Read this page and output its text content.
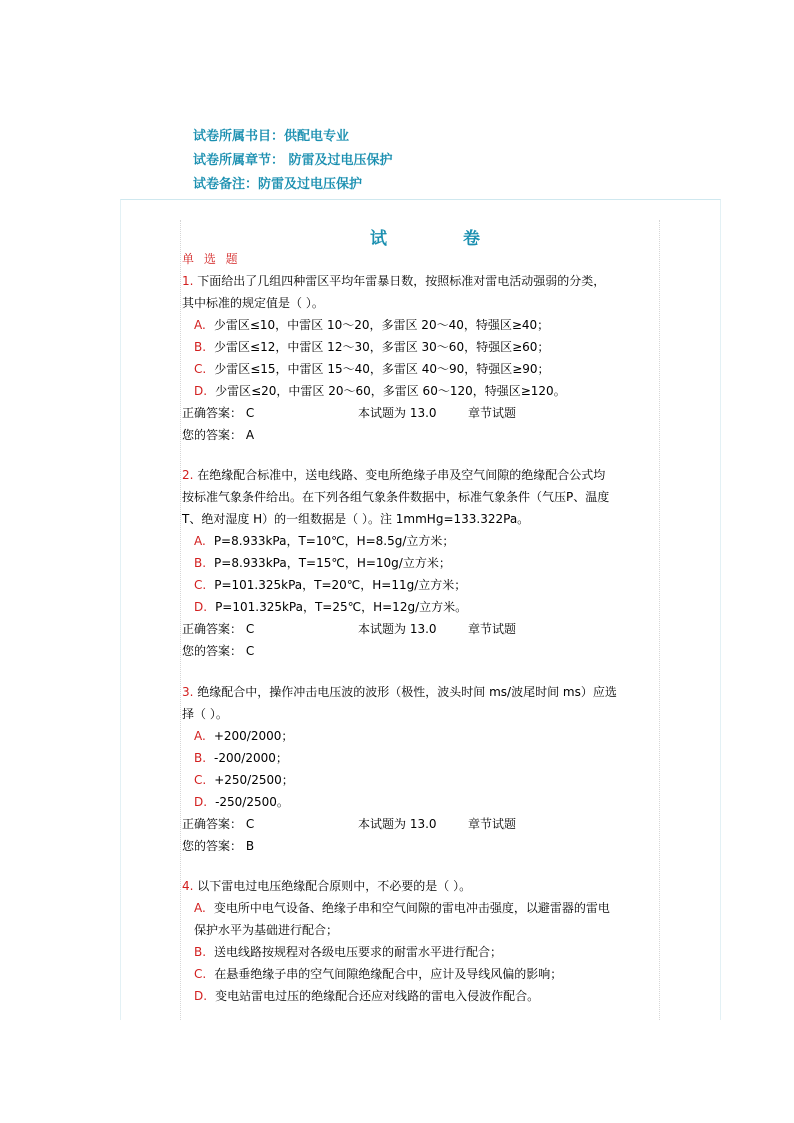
试卷所属书目：供配电专业
试卷所属章节： 防雷及过电压保护
试卷备注：防雷及过电压保护
试	卷
单 选 题
1. 下面给出了几组四种雷区平均年雷暴日数，按照标准对雷电活动强弱的分类，
其中标准的规定值是（ ）。
A. 少雷区≤10，中雷区 10～20，多雷区 20～40，特强区≥40；
B. 少雷区≤12，中雷区 12～30，多雷区 30～60，特强区≥60；
C. 少雷区≤15，中雷区 15～40，多雷区 40～90，特强区≥90；
D. 少雷区≤20，中雷区 20～60，多雷区 60～120，特强区≥120。
正确答案： C	本试题为 13.0	章节试题
您的答案： A
2. 在绝缘配合标准中，送电线路、变电所绝缘子串及空气间隙的绝缘配合公式均
按标准气象条件给出。在下列各组气象条件数据中，标准气象条件（气压P、温度
T、绝对湿度 H）的一组数据是（ ）。注 1mmHg=133.322Pa。
A. P=8.933kPa，T=10℃，H=8.5g/立方米；
B. P=8.933kPa，T=15℃，H=10g/立方米；
C. P=101.325kPa，T=20℃，H=11g/立方米；
D. P=101.325kPa，T=25℃，H=12g/立方米。
正确答案： C	本试题为 13.0	章节试题
您的答案： C
3. 绝缘配合中，操作冲击电压波的波形（极性，波头时间 ms/波尾时间 ms）应选
择（ ）。
A. +200/2000；
B. -200/2000；
C. +250/2500；
D. -250/2500。
正确答案： C	本试题为 13.0	章节试题
您的答案： B
4. 以下雷电过电压绝缘配合原则中，不必要的是（ ）。
A. 变电所中电气设备、绝缘子串和空气间隙的雷电冲击强度，以避雷器的雷电
保护水平为基础进行配合；
B. 送电线路按规程对各级电压要求的耐雷水平进行配合；
C. 在悬垂绝缘子串的空气间隙绝缘配合中，应计及导线风偏的影响；
D. 变电站雷电过压的绝缘配合还应对线路的雷电入侵波作配合。
